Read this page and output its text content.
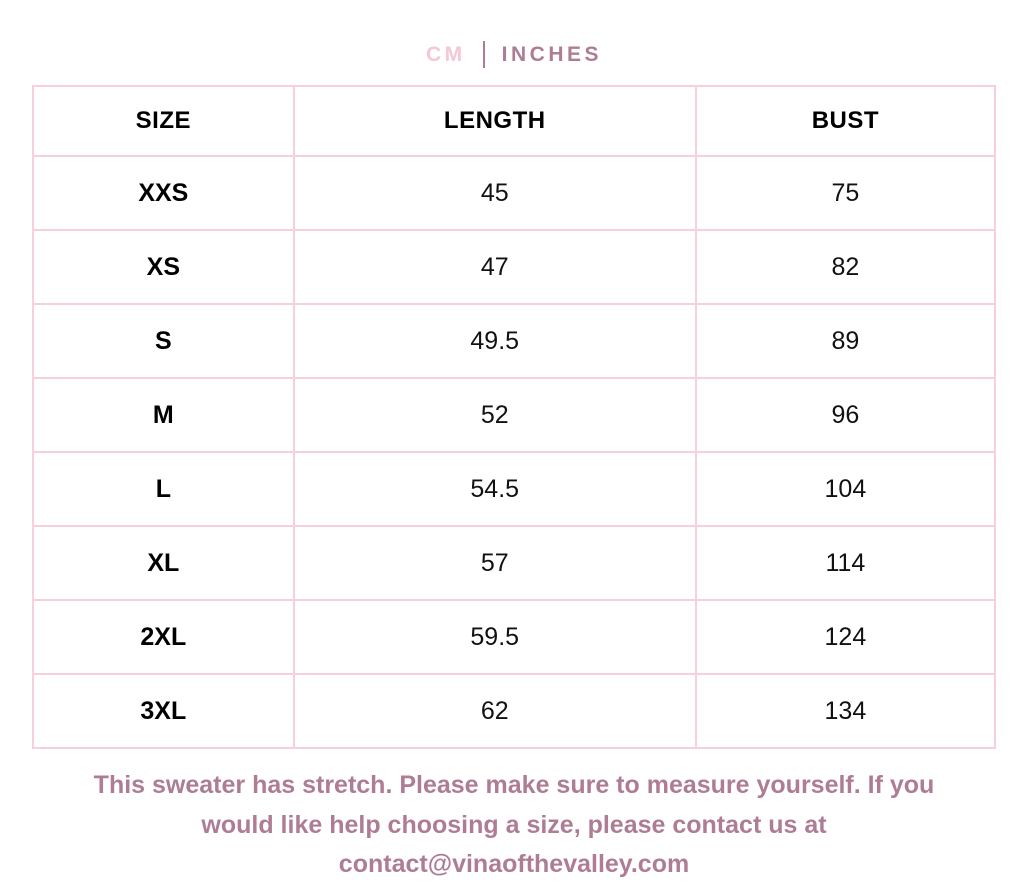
CM INCHES
SIZE	LENGTH	BUST
XXS	45	75
XS	47	82
S	49.5	89
M	52	96
L	54.5	104
XL	57	114
2XL	59.5	124
3XL	62	134
This sweater has stretch. Please make sure to measure yourself. If you
would like help choosing a size, please contact us at
contact@vinaofthevalley.com
